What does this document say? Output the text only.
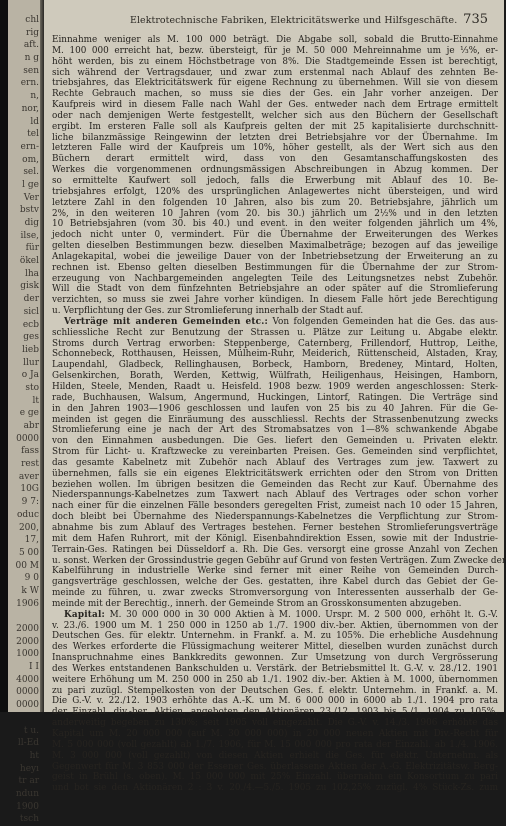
chl
rig
aft.
n g
sen
ern.
n,
nor,
ld
tel
ern-
om,
sel.
l ge
Ver
bstv
dig
ilse,
für
ökel
lha
gisk
der
sicl
ecb
ges
lieb
llur
o Ja
sto
lt
e ge
abr
0000
fass
rest
aver
10G
9 7:
oduc
200,
17,
5 00
00 M
9 0
k W
1906
2000
2000
1000
I I
4000
0000
0000
t u.
ll-Ed
ht
heyı
tr ar
ndun
1900
tsch
Elektrotechnische Fabriken, Elektricitätswerke und Hilfsgeschäfte. 735
Einnahme weniger als M. 100 000 beträgt. Die Abgabe soll, sobald die Brutto-Einnahme
M. 100 000 erreicht hat, bezw. übersteigt, für je M. 50 000 Mehreinnahme um je ⅓%, er-
höht werden, bis zu einem Höchstbetrage von 8%. Die Stadtgemeinde Essen ist berechtigt,
sich während der Vertragsdauer, und zwar zum erstenmal nach Ablauf des zehnten Be-
triebsjahres, das Elektricitätswerk für eigene Rechnung zu übernehmen. Will sie von diesem
Rechte Gebrauch machen, so muss sie dies der Ges. ein Jahr vorher anzeigen. Der
Kaufpreis wird in diesem Falle nach Wahl der Ges. entweder nach dem Ertrage ermittelt
oder nach demjenigen Werte festgestellt, welcher sich aus den Büchern der Gesellschaft
ergibt. Im ersteren Falle soll als Kaufpreis gelten der mit 25 kapitalisierte durchschnitt-
liche bilanzmässige Reingewinn der letzten drei Betriebsjahre vor der Übernahme. Im
letzteren Falle wird der Kaufpreis um 10%, höher gestellt, als der Wert sich aus den
Büchern derart ermittelt wird, dass von den Gesamtanschaffungskosten des
Werkes die vorgenommenen ordnungsmässigen Abschreibungen in Abzug kommen. Der
so ermittelte Kaufwert soll jedoch, falls die Erwerbung mit Ablauf des 10. Be-
triebsjahres erfolgt, 120% des ursprünglichen Anlagewertes nicht übersteigen, und wird
letztere Zahl in den folgenden 10 Jahren, also bis zum 20. Betriebsjahre, jährlich um
2%, in den weiteren 10 Jahren (vom 20. bis 30.) jährlich um 2½% und in den letzten
10 Betriebsjahren (vom 30. bis 40.) und event. in den weiter folgenden jährlich um 4%,
jedoch nicht unter 0, vermindert. Für die Übernahme der Erweiterungen des Werkes
gelten dieselben Bestimmungen bezw. dieselben Maximalbeträge; bezogen auf das jeweilige
Anlagekapital, wobei die jeweilige Dauer von der Inbetriebsetzung der Erweiterung an zu
rechnen ist. Ebenso gelten dieselben Bestimmungen für die Übernahme der zur Strom-
erzeugung von Nachbargemeinden angelegten Teile des Leitungsnetzes nebst Zubehör.
Will die Stadt von dem fünfzehnten Betriebsjahre an oder später auf die Stromlieferung
verzichten, so muss sie zwei Jahre vorher kündigen. In diesem Falle hört jede Berechtigung
u. Verpflichtung der Ges. zur Stromlieferung innerhalb der Stadt auf.
Verträge mit anderen Gemeinden etc.: Von folgenden Gemeinden hat die Ges. das aus-
schliessliche Recht zur Benutzung der Strassen u. Plätze zur Leitung u. Abgabe elektr.
Stroms durch Vertrag erworben: Steppenberge, Caternberg, Frillendorf, Huttrop, Leithe,
Schonnebeck, Rotthausen, Heissen, Mülheim-Ruhr, Meiderich, Rüttenscheid, Alstaden, Kray,
Laupendahl, Gladbeck, Rellinghausen, Borbeck, Hamborn, Bredeney, Mintard, Holten,
Gelsenkirchen, Borath, Werden, Kettwig, Wülfrath, Heiligenhaus, Heisingen, Hamborn,
Hilden, Steele, Menden, Raadt u. Heisfeld. 1908 bezw. 1909 werden angeschlossen: Sterk-
rade, Buchhausen, Walsum, Angermund, Huckingen, Lintorf, Ratingen. Die Verträge sind
in den Jahren 1903—1906 geschlossen und laufen von 25 bis zu 40 Jahren. Für die Ge-
meinden ist gegen die Einräumung des ausschliessl. Rechts der Strassenbenutzung zwecks
Stromlieferung eine je nach der Art des Stromabsatzes von 1—8% schwankende Abgabe
von den Einnahmen ausbedungen. Die Ges. liefert den Gemeinden u. Privaten elektr.
Strom für Licht- u. Kraftzwecke zu vereinbarten Preisen. Ges. Gemeinden sind verpflichtet,
das gesamte Kabelnetz mit Zubehör nach Ablauf des Vertrages zum jew. Taxwert zu
übernehmen, falls sie ein eigenes Elektricitätswerk errichten oder den Strom von Dritten
beziehen wollen. Im übrigen besitzen die Gemeinden das Recht zur Kauf. Übernahme des
Niederspannungs-Kabelnetzes zum Taxwert nach Ablauf des Vertrages oder schon vorher
nach einer für die einzelnen Fälle besonders geregelten Frist, zumeist nach 10 oder 15 Jahren,
doch bleibt bei Übernahme des Niederspannungs-Kabelnetzes die Verpflichtung zur Strom-
abnahme bis zum Ablauf des Vertrages bestehen. Ferner bestehen Stromlieferungsverträge
mit dem Hafen Ruhrort, mit der Königl. Eisenbahndirektion Essen, sowie mit der Industrie-
Terrain-Ges. Ratingen bei Düsseldorf a. Rh. Die Ges. versorgt eine grosse Anzahl von Zechen
u. sonst. Werken der Grossindustrie gegen Gebühr auf Grund von festen Verträgen. Zum Zwecke der
Kabelführung in industrielle Werke sind ferner mit einer Reihe von Gemeinden Durch-
gangsverträge geschlossen, welche der Ges. gestatten, ihre Kabel durch das Gebiet der Ge-
meinde zu führen, u. zwar zwecks Stromversorgung von Interessenten ausserhalb der Ge-
meinde mit der Berechtig., innerh. der Gemeinde Strom an Grosskonsumenten abzugeben.
Kapital: M. 30 000 000 in 30 000 Aktien à M. 1000. Urspr. M. 2 500 000, erhöht lt. G.-V.
v. 23./6. 1900 um M. 1 250 000 in 1250 ab 1./7. 1900 div.-ber. Aktien, übernommen von der
Deutschen Ges. für elektr. Unternehm. in Frankf. a. M. zu 105%. Die erhebliche Ausdehnung
des Werkes erforderte die Flüssigmachung weiterer Mittel, dieselben wurden zunächst durch
Inanspruchnahme eines Bankkredits gewonnen. Zur Umsetzung von durch Vergrösserung
des Werkes entstandenen Bankschulden u. Verstärk. der Betriebsmittel lt. G.-V. v. 28./12. 1901
weitere Erhöhung um M. 250 000 in 250 ab 1./1. 1902 div.-ber. Aktien à M. 1000, übernommen
zu pari zuzügl. Stempelkosten von der Deutschen Ges. f. elektr. Unternehm. in Frankf. a. M.
Die G.-V. v. 22./12. 1903 erhöhte das A.-K. um M. 6 000 000 in 6000 ab 1./1. 1904 pro rata
der Einzahl. div.-ber. Aktien, angeboten den Aktionären 23./12. 1903 bis 5./1. 1904 zu 105%,
anderweitig begeben zu 130%; seit 1905 voll eingezahlt. Die G.-V. v. 14./3. 1906 erhöhte das
Kapital um M. 20 000 000 (auf M. 30 000 000) in 20 000 neuen Aktien mit Div.-Recht für
M. 5 000 000 (voll gezahlt) ab 1./7. 1906, für M. 15 000 000 pro rata der Einzahl. ab 1./4. 1906.
M. 3 000 000 (voll gezahlt) von diesen Aktien erhielt die Ges. für elektr. Unternehm. als
Gegenwert für M. 3 853 000 der Essener Ges. überlassene Aktien der A.-G. Elektrizitätsw. Berg-
geist in Brühl (s. oben). M. 15 000 000 mit 25% Einzahl. übernahm ein Konsortium zu pari
und bot sie den Aktionären 2 : 3 v. 20./4.—5./5. 1905 zu 102,25% zuzügl. 4% Stück-Zs. zum
